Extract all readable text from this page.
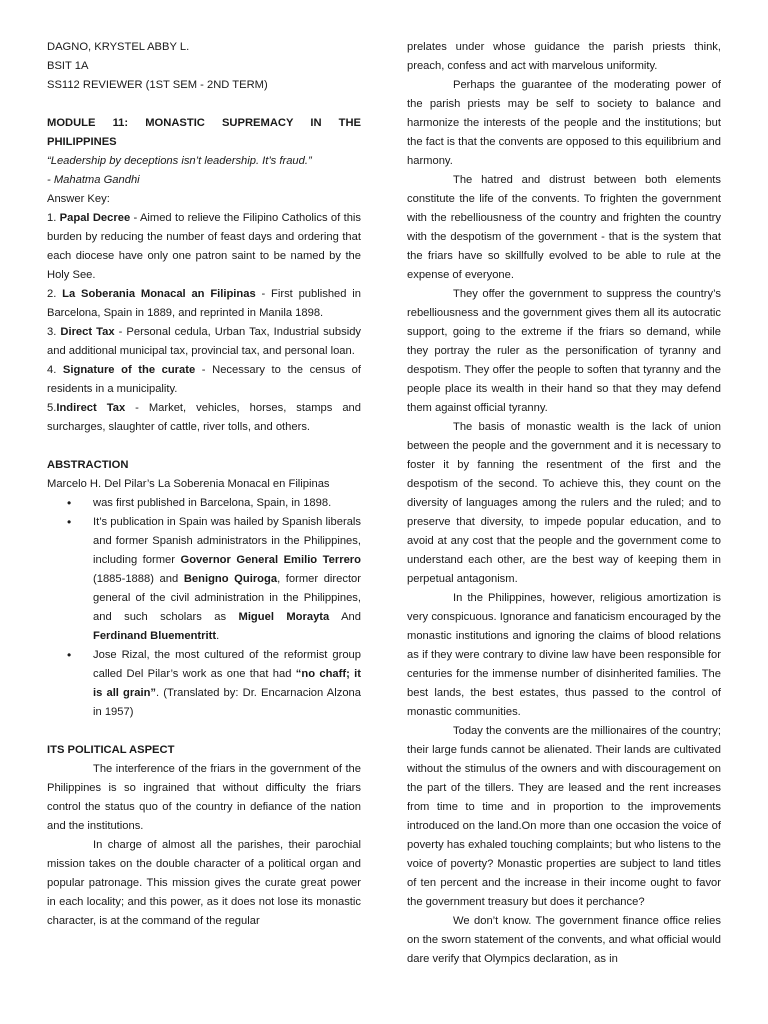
DAGNO, KRYSTEL ABBY L.

BSIT 1A

SS112 REVIEWER (1ST SEM - 2ND TERM)

MODULE 11: MONASTIC SUPREMACY IN THE PHILIPPINES

“Leadership by deceptions isn’t leadership. It’s fraud.”

- Mahatma Gandhi

Answer Key:

1. Papal Decree - Aimed to relieve the Filipino Catholics of this burden by reducing the number of feast days and ordering that each diocese have only one patron saint to be named by the Holy See.

2. La Soberania Monacal an Filipinas - First published in Barcelona, Spain in 1889, and reprinted in Manila 1898.

3. Direct Tax - Personal cedula, Urban Tax, Industrial subsidy and additional municipal tax, provincial tax, and personal loan.

4. Signature of the curate - Necessary to the census of residents in a municipality.

5.Indirect Tax - Market, vehicles, horses, stamps and surcharges, slaughter of cattle, river tolls, and others.

ABSTRACTION

Marcelo H. Del Pilar’s La Soberenia Monacal en Filipinas

• was first published in Barcelona, Spain, in 1898.
• It’s publication in Spain was hailed by Spanish liberals and former Spanish administrators in the Philippines, including former Governor General Emilio Terrero (1885-1888) and Benigno Quiroga, former director general of the civil administration in the Philippines, and such scholars as Miguel Morayta And Ferdinand Bluementritt.
• Jose Rizal, the most cultured of the reformist group called Del Pilar’s work as one that had “no chaff; it is all grain”. (Translated by: Dr. Encarnacion Alzona in 1957)

ITS POLITICAL ASPECT

The interference of the friars in the government of the Philippines is so ingrained that without difficulty the friars control the status quo of the country in defiance of the nation and the institutions.

In charge of almost all the parishes, their parochial mission takes on the double character of a political organ and popular patronage. This mission gives the curate great power in each locality; and this power, as it does not lose its monastic character, is at the command of the regular

prelates under whose guidance the parish priests think, preach, confess and act with marvelous uniformity.

Perhaps the guarantee of the moderating power of the parish priests may be self to society to balance and harmonize the interests of the people and the institutions; but the fact is that the convents are opposed to this equilibrium and harmony.

The hatred and distrust between both elements constitute the life of the convents. To frighten the government with the rebelliousness of the country and frighten the country with the despotism of the government - that is the system that the friars have so skillfully evolved to be able to rule at the expense of everyone.

They offer the government to suppress the country’s rebelliousness and the government gives them all its autocratic support, going to the extreme if the friars so demand, while they portray the ruler as the personification of tyranny and despotism. They offer the people to soften that tyranny and the people place its wealth in their hand so that they may defend them against official tyranny.

The basis of monastic wealth is the lack of union between the people and the government and it is necessary to foster it by fanning the resentment of the first and the despotism of the second. To achieve this, they count on the diversity of languages among the rulers and the ruled; and to preserve that diversity, to impede popular education, and to avoid at any cost that the people and the government come to understand each other, are the best way of keeping them in perpetual antagonism.

In the Philippines, however, religious amortization is very conspicuous. Ignorance and fanaticism encouraged by the monastic institutions and ignoring the claims of blood relations as if they were contrary to divine law have been responsible for centuries for the immense number of disinherited families. The best lands, the best estates, thus passed to the control of monastic communities.

Today the convents are the millionaires of the country; their large funds cannot be alienated. Their lands are cultivated without the stimulus of the owners and with discouragement on the part of the tillers. They are leased and the rent increases from time to time and in proportion to the improvements introduced on the land.On more than one occasion the voice of poverty has exhaled touching complaints; but who listens to the voice of poverty? Monastic properties are subject to land titles of ten percent and the increase in their income ought to favor the government treasury but does it perchance?

We don’t know. The government finance office relies on the sworn statement of the convents, and what official would dare verify that Olympics declaration, as in
